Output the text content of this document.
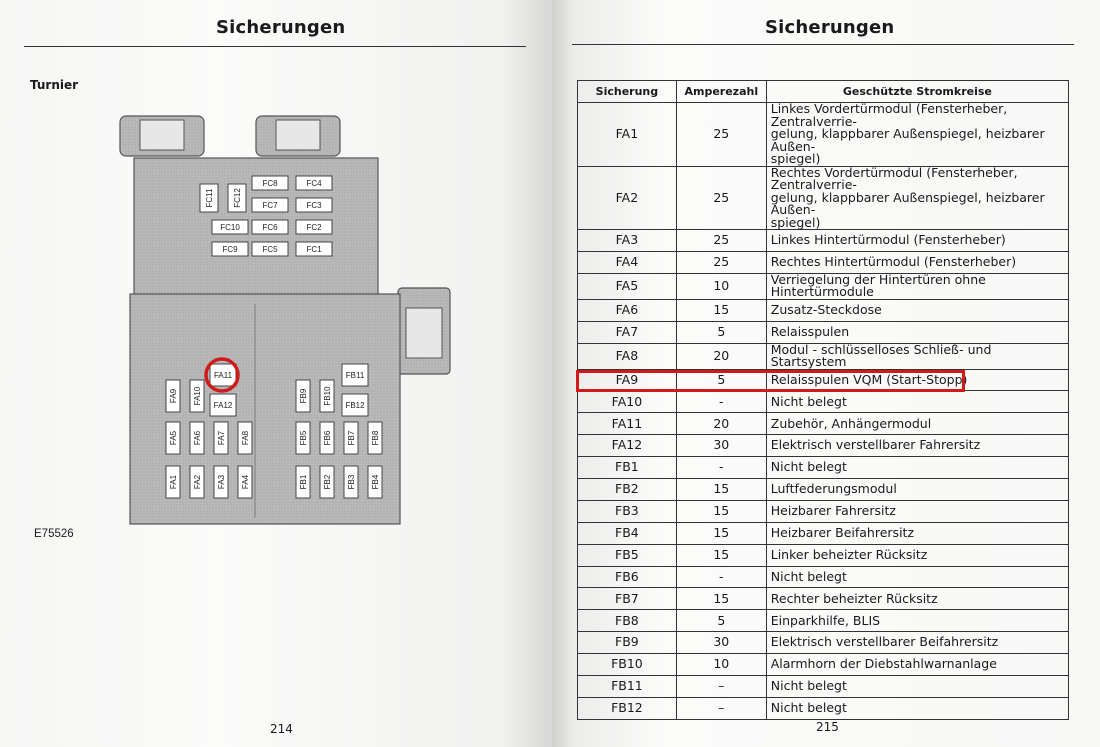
Sicherungen
Turnier
E75526
214
FC8	FC4
FC7	FC3
FC10	FC6	FC2
FC9	FC5	FC1
FC11 FC12
FA11
FA12
FA9 FA10
FA5 FA6 FA7 FA8
FA1 FA2 FA3 FA4
FB11
FB12
FB9 FB10
FB5 FB6 FB7 FB8
FB1 FB2 FB3 FB4
Sicherungen
215
Sicherung	Amperezahl	Geschützte Stromkreise
FA1	25	Linkes Vordertürmodul (Fensterheber, Zentralverrie-
gelung, klappbarer Außenspiegel, heizbarer Außen-
spiegel)
FA2	25	Rechtes Vordertürmodul (Fensterheber, Zentralverrie-
gelung, klappbarer Außenspiegel, heizbarer Außen-
spiegel)
FA3	25	Linkes Hintertürmodul (Fensterheber)
FA4	25	Rechtes Hintertürmodul (Fensterheber)
FA5	10	Verriegelung der Hintertüren ohne Hintertürmodule
FA6	15	Zusatz-Steckdose
FA7	5	Relaisspulen
FA8	20	Modul - schlüsselloses Schließ- und Startsystem
FA9	5	Relaisspulen VQM (Start-Stopp)
FA10	-	Nicht belegt
FA11	20	Zubehör, Anhängermodul
FA12	30	Elektrisch verstellbarer Fahrersitz
FB1	-	Nicht belegt
FB2	15	Luftfederungsmodul
FB3	15	Heizbarer Fahrersitz
FB4	15	Heizbarer Beifahrersitz
FB5	15	Linker beheizter Rücksitz
FB6	-	Nicht belegt
FB7	15	Rechter beheizter Rücksitz
FB8	5	Einparkhilfe, BLIS
FB9	30	Elektrisch verstellbarer Beifahrersitz
FB10	10	Alarmhorn der Diebstahlwarnanlage
FB11	–	Nicht belegt
FB12	–	Nicht belegt
